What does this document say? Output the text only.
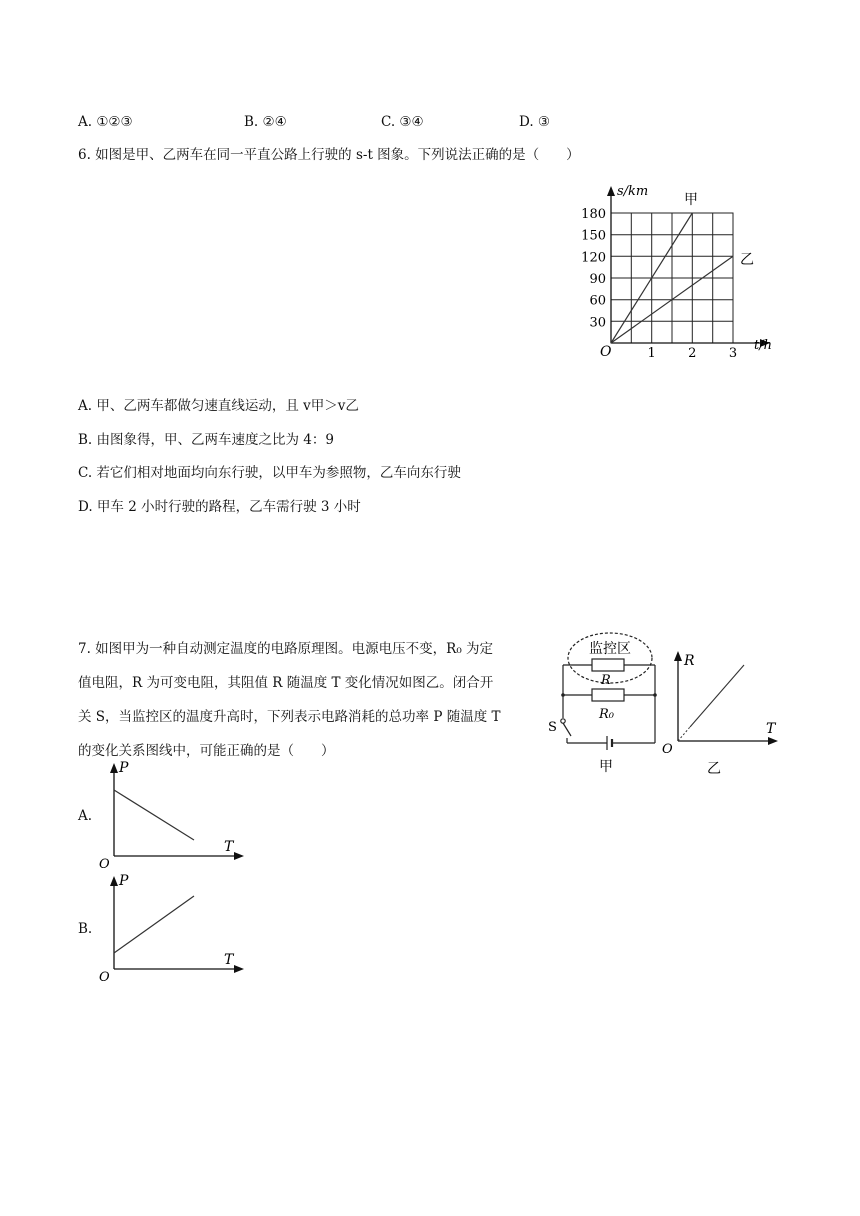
A. ①②③	B. ②④	C. ③④	D. ③
6. 如图是甲、乙两车在同一平直公路上行驶的 s-t 图象。下列说法正确的是（　　）
s/km
t/h
O
180
150
120
90
60
30
1 2 3
甲
乙
A. 甲、乙两车都做匀速直线运动，且 v甲＞v乙
B. 由图象得，甲、乙两车速度之比为 4：9
C. 若它们相对地面均向东行驶，以甲车为参照物，乙车向东行驶
D. 甲车 2 小时行驶的路程，乙车需行驶 3 小时
7. 如图甲为一种自动测定温度的电路原理图。电源电压不变，R₀ 为定
值电阻，R 为可变电阻，其阻值 R 随温度 T 变化情况如图乙。闭合开
关 S，当监控区的温度升高时，下列表示电路消耗的总功率 P 随温度 T
的变化关系图线中，可能正确的是（　　）
监控区
R
R₀
S
甲
R
T
O
乙
A.
P
T
O
B.
P
T
O
